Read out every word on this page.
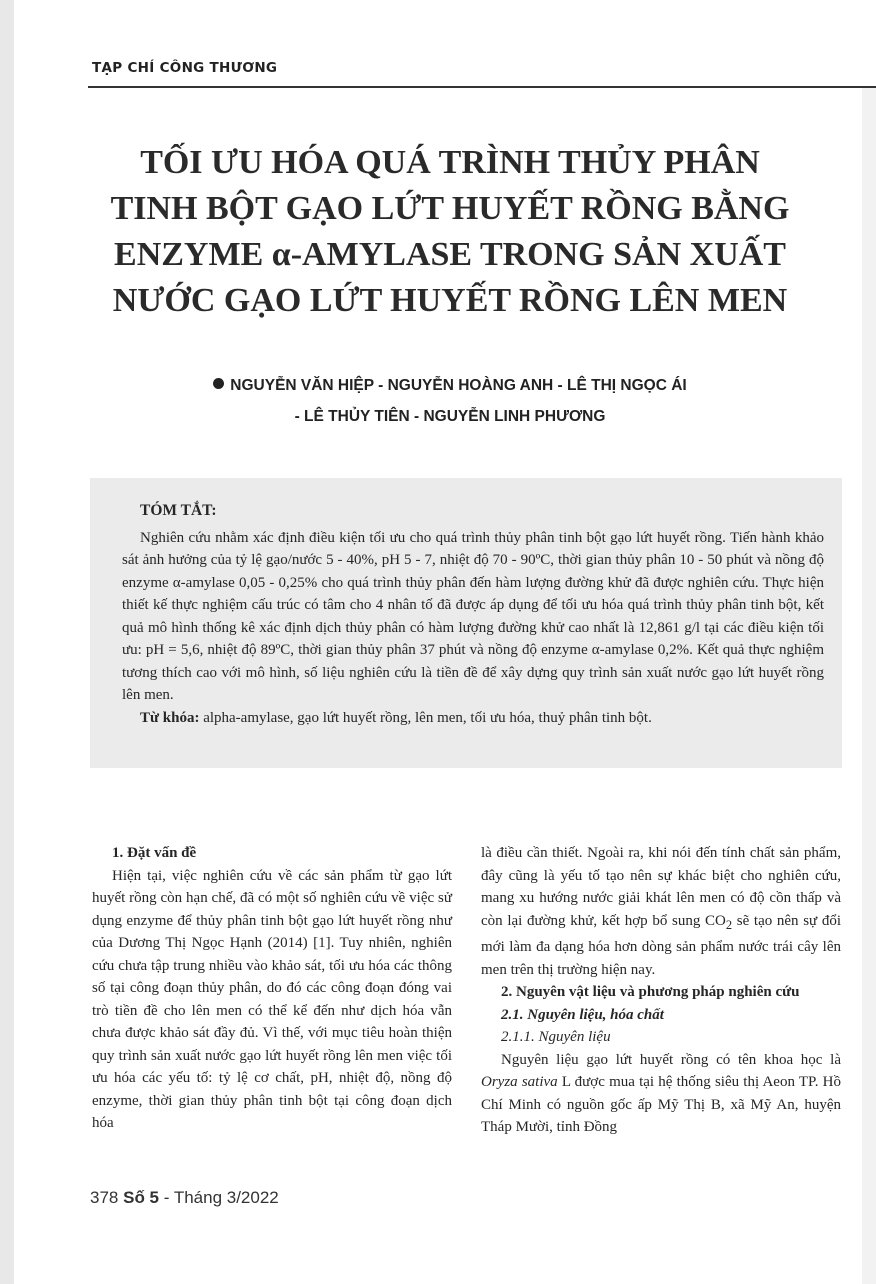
TẠP CHÍ CÔNG THƯƠNG
TỐI ƯU HÓA QUÁ TRÌNH THỦY PHÂN
TINH BỘT GẠO LỨT HUYẾT RỒNG BẰNG
ENZYME α-AMYLASE TRONG SẢN XUẤT
NƯỚC GẠO LỨT HUYẾT RỒNG LÊN MEN
NGUYỄN VĂN HIỆP - NGUYỄN HOÀNG ANH - LÊ THỊ NGỌC ÁI
- LÊ THỦY TIÊN - NGUYỄN LINH PHƯƠNG
TÓM TẮT:

Nghiên cứu nhằm xác định điều kiện tối ưu cho quá trình thủy phân tinh bột gạo lứt huyết rồng. Tiến hành khảo sát ảnh hưởng của tỷ lệ gạo/nước 5 - 40%, pH 5 - 7, nhiệt độ 70 - 90ºC, thời gian thủy phân 10 - 50 phút và nồng độ enzyme α-amylase 0,05 - 0,25% cho quá trình thủy phân đến hàm lượng đường khử đã được nghiên cứu. Thực hiện thiết kế thực nghiệm cấu trúc có tâm cho 4 nhân tố đã được áp dụng để tối ưu hóa quá trình thủy phân tinh bột, kết quả mô hình thống kê xác định dịch thủy phân có hàm lượng đường khử cao nhất là 12,861 g/l tại các điều kiện tối ưu: pH = 5,6, nhiệt độ 89ºC, thời gian thủy phân 37 phút và nồng độ enzyme α-amylase 0,2%. Kết quả thực nghiệm tương thích cao với mô hình, số liệu nghiên cứu là tiền đề để xây dựng quy trình sản xuất nước gạo lứt huyết rồng lên men.

Từ khóa: alpha-amylase, gạo lứt huyết rồng, lên men, tối ưu hóa, thuỷ phân tinh bột.

1. Đặt vấn đề

Hiện tại, việc nghiên cứu về các sản phẩm từ gạo lứt huyết rồng còn hạn chế, đã có một số nghiên cứu về việc sử dụng enzyme để thủy phân tinh bột gạo lứt huyết rồng như của Dương Thị Ngọc Hạnh (2014) [1]. Tuy nhiên, nghiên cứu chưa tập trung nhiều vào khảo sát, tối ưu hóa các thông số tại công đoạn thủy phân, do đó các công đoạn đóng vai trò tiền đề cho lên men có thể kể đến như dịch hóa vẫn chưa được khảo sát đầy đủ. Vì thế, với mục tiêu hoàn thiện quy trình sản xuất nước gạo lứt huyết rồng lên men việc tối ưu hóa các yếu tố: tỷ lệ cơ chất, pH, nhiệt độ, nồng độ enzyme, thời gian thủy phân tinh bột tại công đoạn dịch hóa

là điều cần thiết. Ngoài ra, khi nói đến tính chất sản phẩm, đây cũng là yếu tố tạo nên sự khác biệt cho nghiên cứu, mang xu hướng nước giải khát lên men có độ cồn thấp và còn lại đường khử, kết hợp bổ sung $CO_2$ sẽ tạo nên sự đổi mới làm đa dạng hóa hơn dòng sản phẩm nước trái cây lên men trên thị trường hiện nay.

2. Nguyên vật liệu và phương pháp nghiên cứu

2.1. Nguyên liệu, hóa chất

2.1.1. Nguyên liệu

Nguyên liệu gạo lứt huyết rồng có tên khoa học là Oryza sativa L được mua tại hệ thống siêu thị Aeon TP. Hồ Chí Minh có nguồn gốc ấp Mỹ Thị B, xã Mỹ An, huyện Tháp Mười, tỉnh Đồng

378 Số 5 - Tháng 3/2022
